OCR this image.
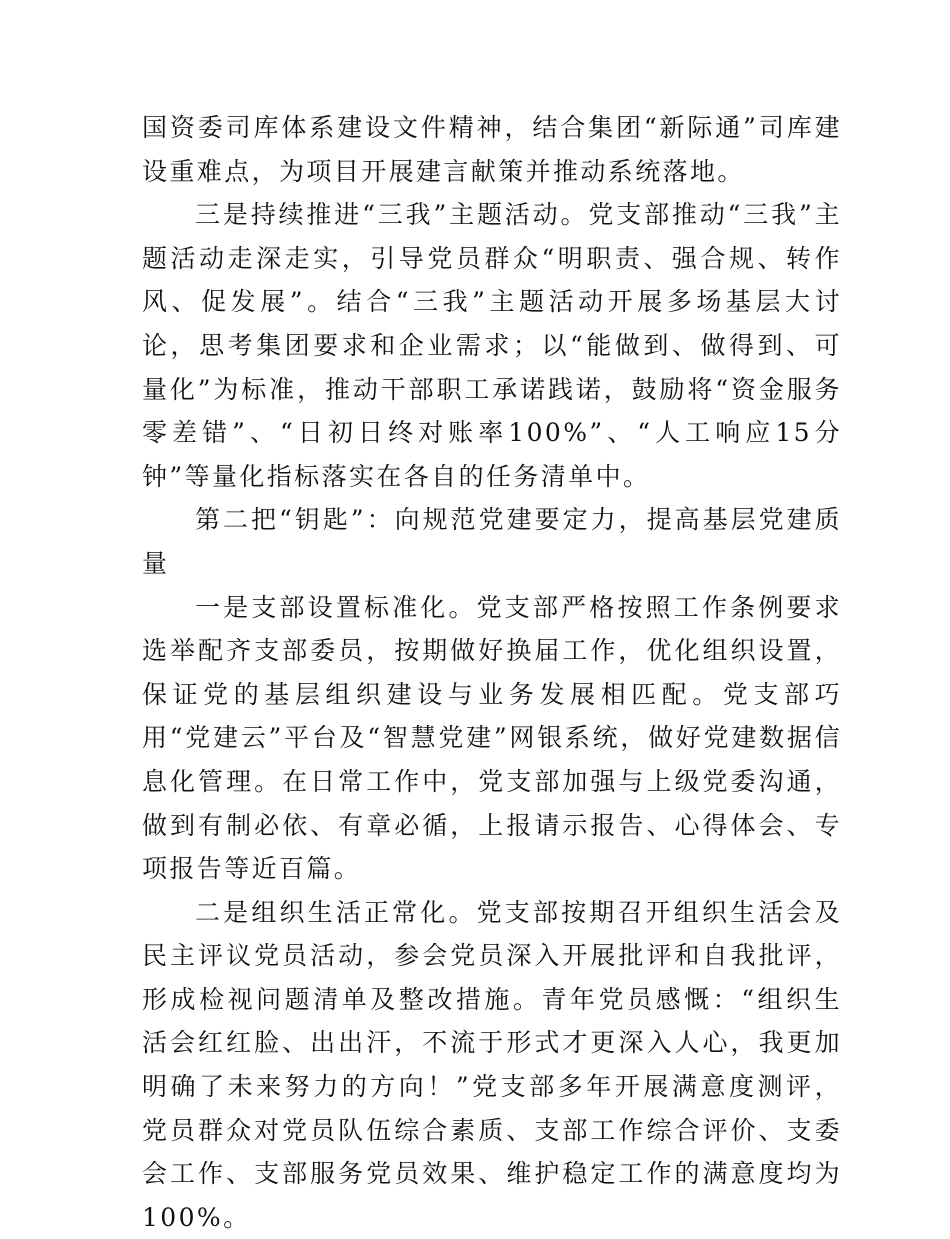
国资委司库体系建设文件精神，结合集团“新际通”司库建设重难点，为项目开展建言献策并推动系统落地。

三是持续推进“三我”主题活动。党支部推动“三我”主题活动走深走实，引导党员群众“明职责、强合规、转作风、促发展”。结合“三我”主题活动开展多场基层大讨论，思考集团要求和企业需求；以“能做到、做得到、可量化”为标准，推动干部职工承诺践诺，鼓励将“资金服务零差错”、“日初日终对账率100%”、“人工响应15分钟”等量化指标落实在各自的任务清单中。

第二把“钥匙”：向规范党建要定力，提高基层党建质量

一是支部设置标准化。党支部严格按照工作条例要求选举配齐支部委员，按期做好换届工作，优化组织设置，保证党的基层组织建设与业务发展相匹配。党支部巧用“党建云”平台及“智慧党建”网银系统，做好党建数据信息化管理。在日常工作中，党支部加强与上级党委沟通，做到有制必依、有章必循，上报请示报告、心得体会、专项报告等近百篇。

二是组织生活正常化。党支部按期召开组织生活会及民主评议党员活动，参会党员深入开展批评和自我批评，形成检视问题清单及整改措施。青年党员感慨：“组织生活会红红脸、出出汗，不流于形式才更深入人心，我更加明确了未来努力的方向！”党支部多年开展满意度测评，党员群众对党员队伍综合素质、支部工作综合评价、支委会工作、支部服务党员效果、维护稳定工作的满意度均为100%。
